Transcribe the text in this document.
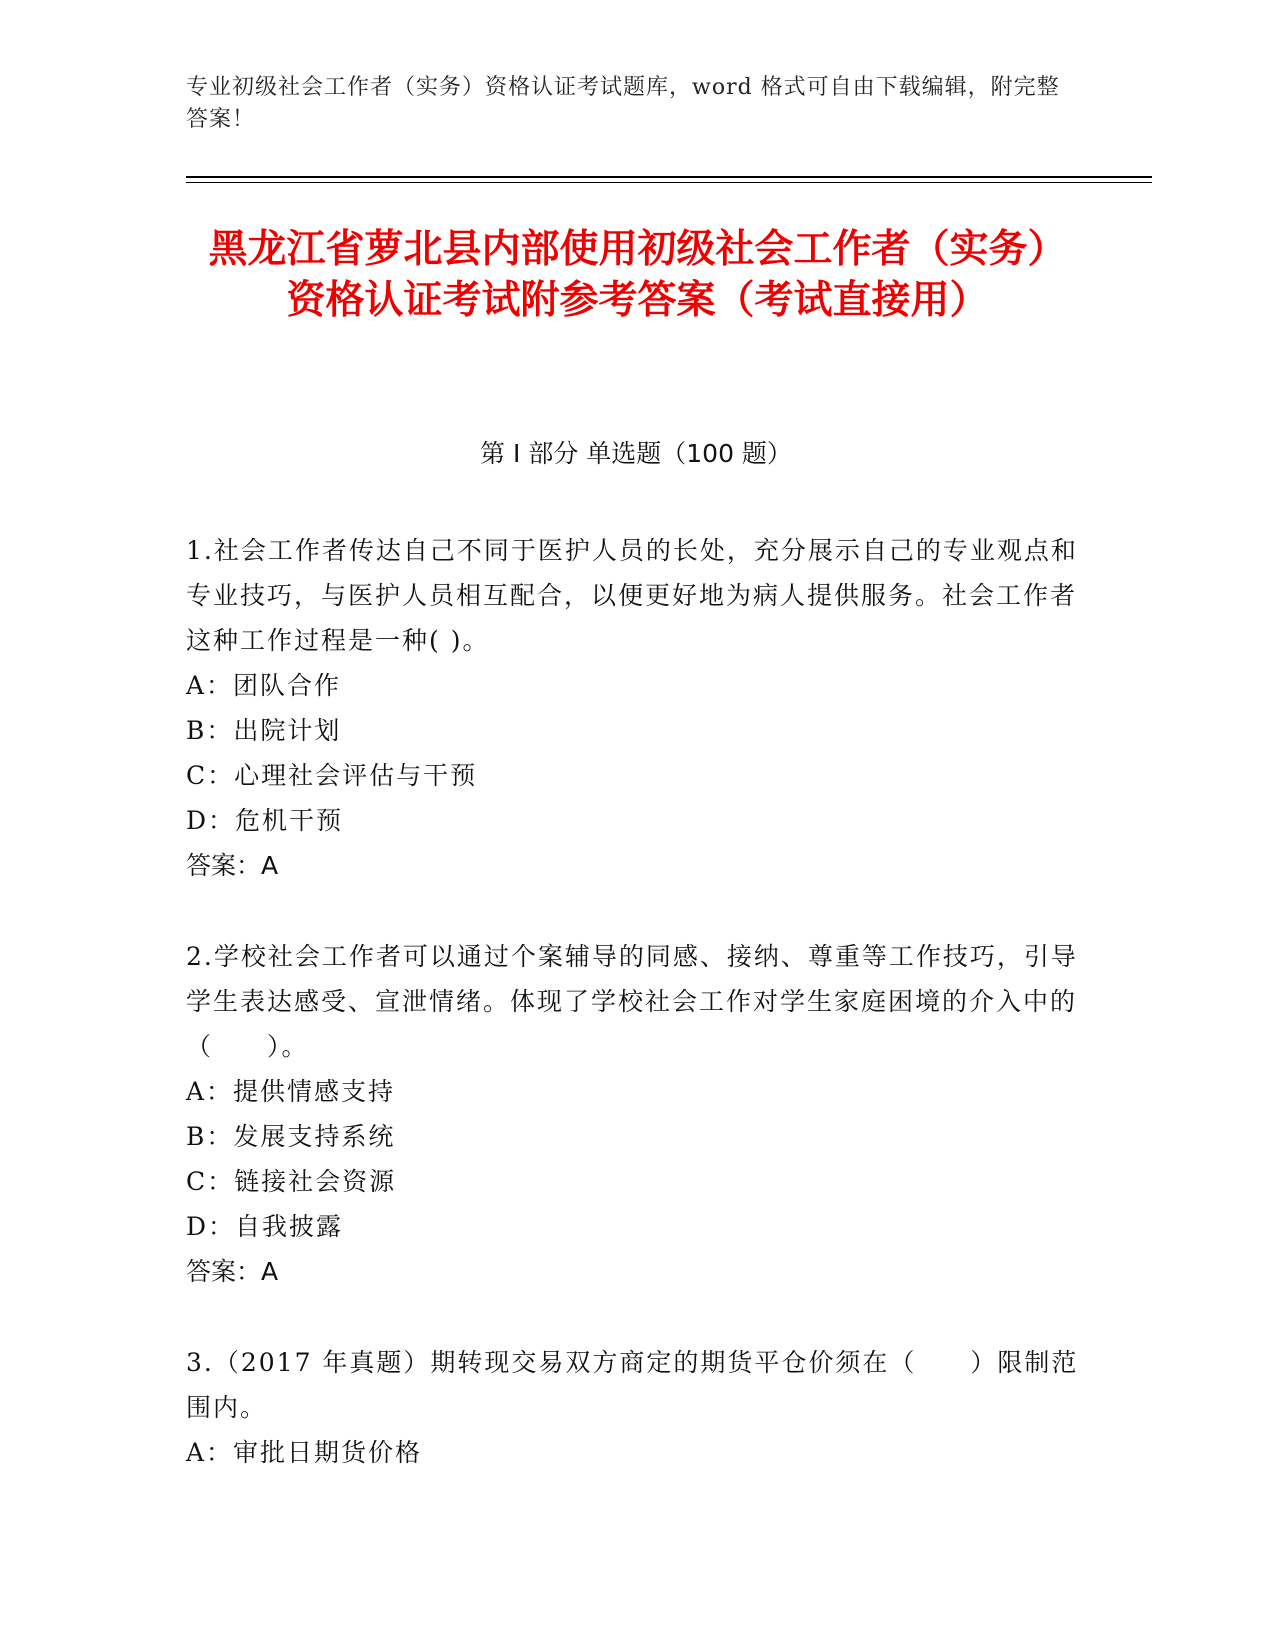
专业初级社会工作者（实务）资格认证考试题库，word 格式可自由下载编辑，附完整答案！
黑龙江省萝北县内部使用初级社会工作者（实务）资格认证考试附参考答案（考试直接用）
第 I 部分 单选题（100 题）
1.社会工作者传达自己不同于医护人员的长处，充分展示自己的专业观点和专业技巧，与医护人员相互配合，以便更好地为病人提供服务。社会工作者这种工作过程是一种( )。
A：团队合作
B：出院计划
C：心理社会评估与干预
D：危机干预
答案：A
2.学校社会工作者可以通过个案辅导的同感、接纳、尊重等工作技巧，引导学生表达感受、宣泄情绪。体现了学校社会工作对学生家庭困境的介入中的（　　）。
A：提供情感支持
B：发展支持系统
C：链接社会资源
D：自我披露
答案：A
3.（2017 年真题）期转现交易双方商定的期货平仓价须在（　　）限制范围内。
A：审批日期货价格
